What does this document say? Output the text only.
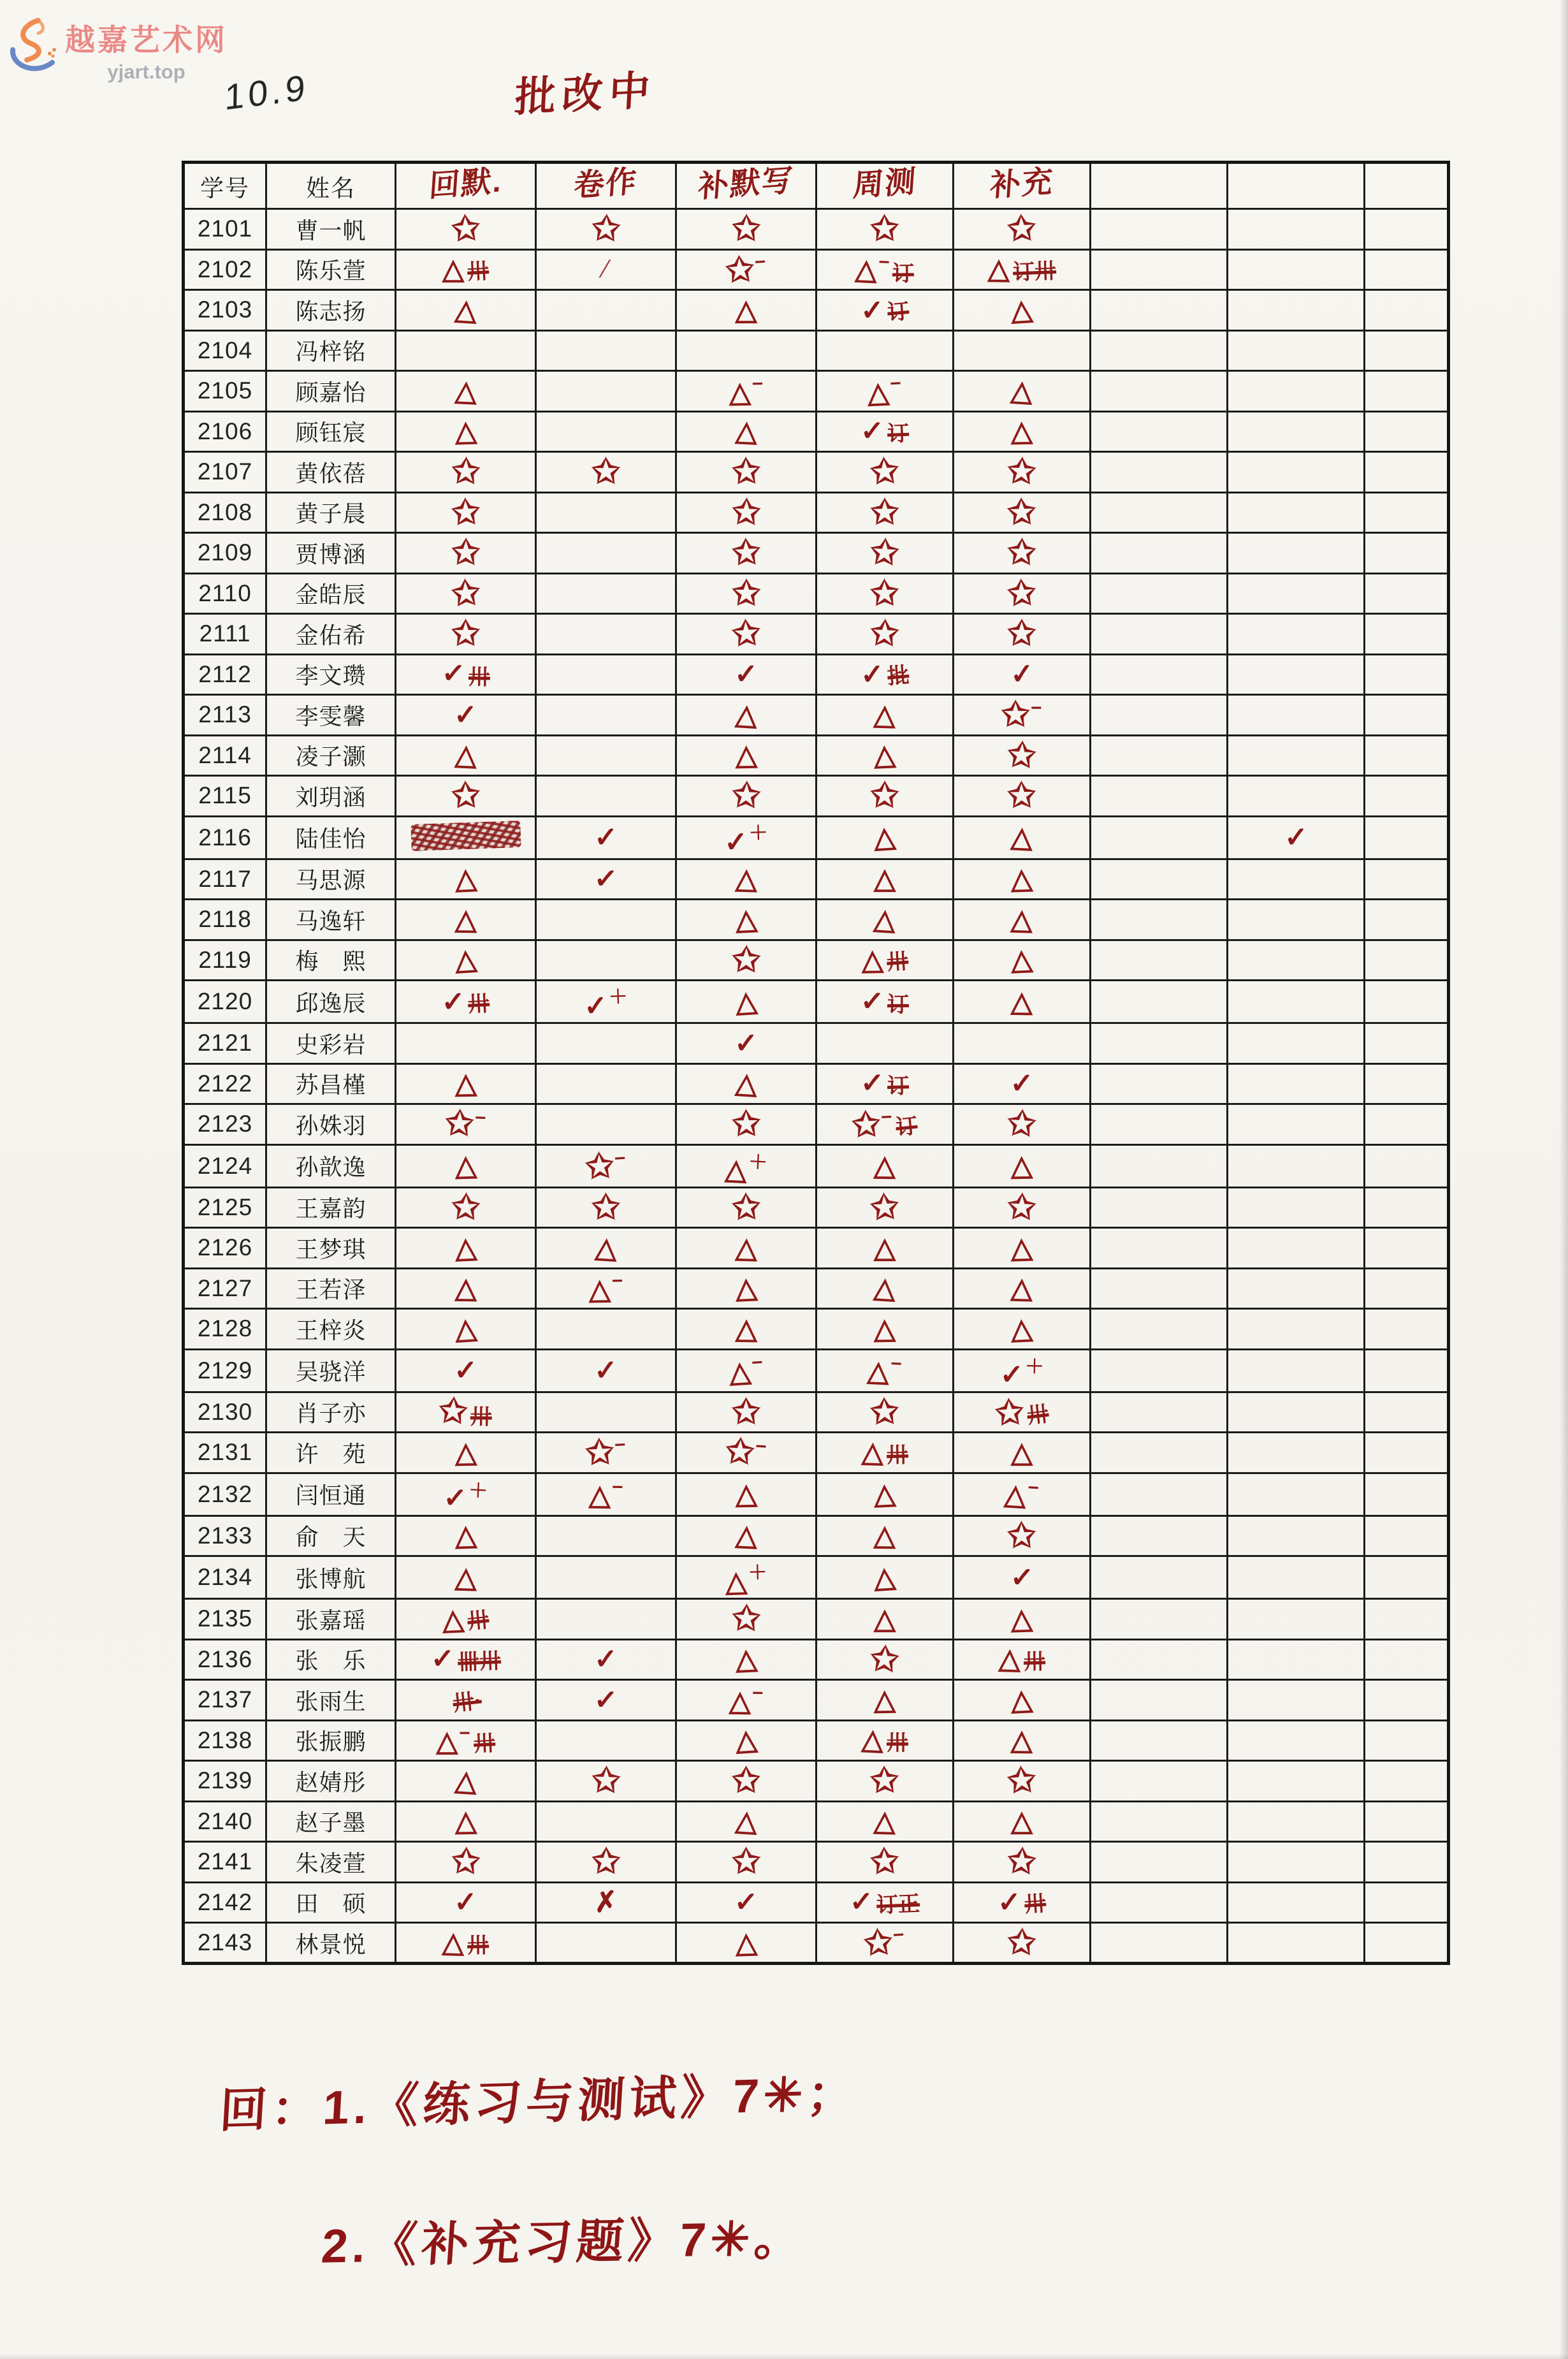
越嘉艺术网
yjart.top	10.9	批改中
学号	姓名	回默.	卷作	补默写	周测	补充			
2101	曹一帆	✩	✩	✩	✩	✩			
2102	陈乐萱	△ 卅	∕	✩−	△− 订	△ 订卅			
2103	陈志扬	△		△	✓订	△			
2104	冯梓铭								
2105	顾嘉怡	△		△−	△−	△			
2106	顾钰宸	△		△	✓ 订	△			
2107	黄依蓓	✩	✩	✩	✩	✩			
2108	黄子晨	✩		✩	✩	✩			
2109	贾博涵	✩		✩	✩	✩			
2110	金皓辰	✩		✩	✩	✩			
2111	金佑希	✩		✩	✩	✩			
2112	李文瓒	✓卅		✓	✓批	✓			
2113	李雯馨	✓		△	△	✩−			
2114	凌子灏	△		△	△	✩			
2115	刘玥涵	✩		✩	✩	✩			
2116	陆佳怡		✓	✓＋	△	△		✓	
2117	马思源	△	✓	△	△	△			
2118	马逸轩	△		△	△	△			
2119	梅　熙	△		✩	△ 卅	△			
2120	邱逸辰	✓ 卅	✓＋	△	✓ 订	△			
2121	史彩岩			✓					
2122	苏昌槿	△		△	✓ 订	✓			
2123	孙姝羽	✩−		✩	✩−订	✩			
2124	孙歆逸	△	✩−	△＋	△	△			
2125	王嘉韵	✩	✩	✩	✩	✩			
2126	王梦琪	△	△	△	△	△			
2127	王若泽	△	△−	△	△	△			
2128	王梓炎	△		△	△	△			
2129	吴骁洋	✓	✓	△−	△−	✓＋			
2130	肖子亦	✩卅		✩	✩	✩卅			
2131	许　苑	△	✩−	✩−	△ 卅	△			
2132	闫恒通	✓＋	△−	△	△	△−			
2133	俞　天	△		△	△	✩			
2134	张博航	△		△＋	△	✓			
2135	张嘉瑶	△卅		✩	△	△			
2136	张　乐	✓ 卌卅	✓	△	✩	△ 卅			
2137	张雨生	卅·	✓	△−	△	△			
2138	张振鹏	△− 卅		△	△ 卅	△			
2139	赵婧彤	△	✩	✩	✩	✩			
2140	赵子墨	△		△	△	△			
2141	朱凌萱	✩	✩	✩	✩	✩			
2142	田　硕	✓	✗	✓	✓ 订正	✓ 卅			
2143	林景悦	△ 卅		△	✩−	✩			
回：1.《练习与测试》7✳；
2.《补充习题》7✳。
